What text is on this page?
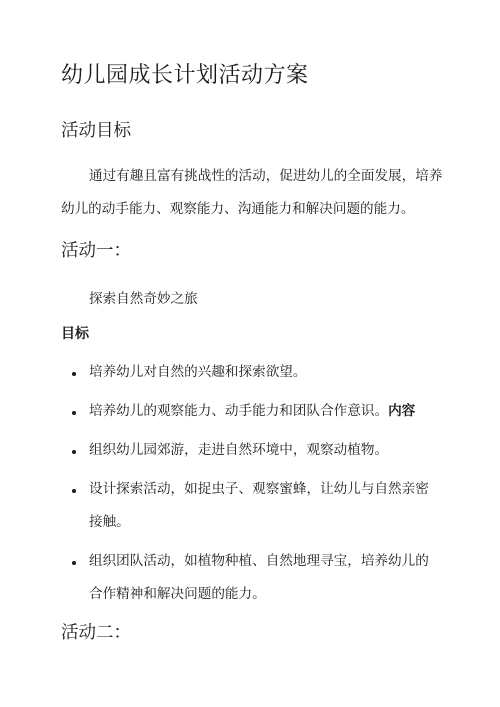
幼儿园成长计划活动方案
活动目标

通过有趣且富有挑战性的活动，促进幼儿的全面发展，培养幼儿的动手能力、观察能力、沟通能力和解决问题的能力。

活动一：

探索自然奇妙之旅

目标
培养幼儿对自然的兴趣和探索欲望。
培养幼儿的观察能力、动手能力和团队合作意识。内容
组织幼儿园郊游，走进自然环境中，观察动植物。
设计探索活动，如捉虫子、观察蜜蜂，让幼儿与自然亲密接触。
组织团队活动，如植物种植、自然地理寻宝，培养幼儿的合作精神和解决问题的能力。
活动二：
